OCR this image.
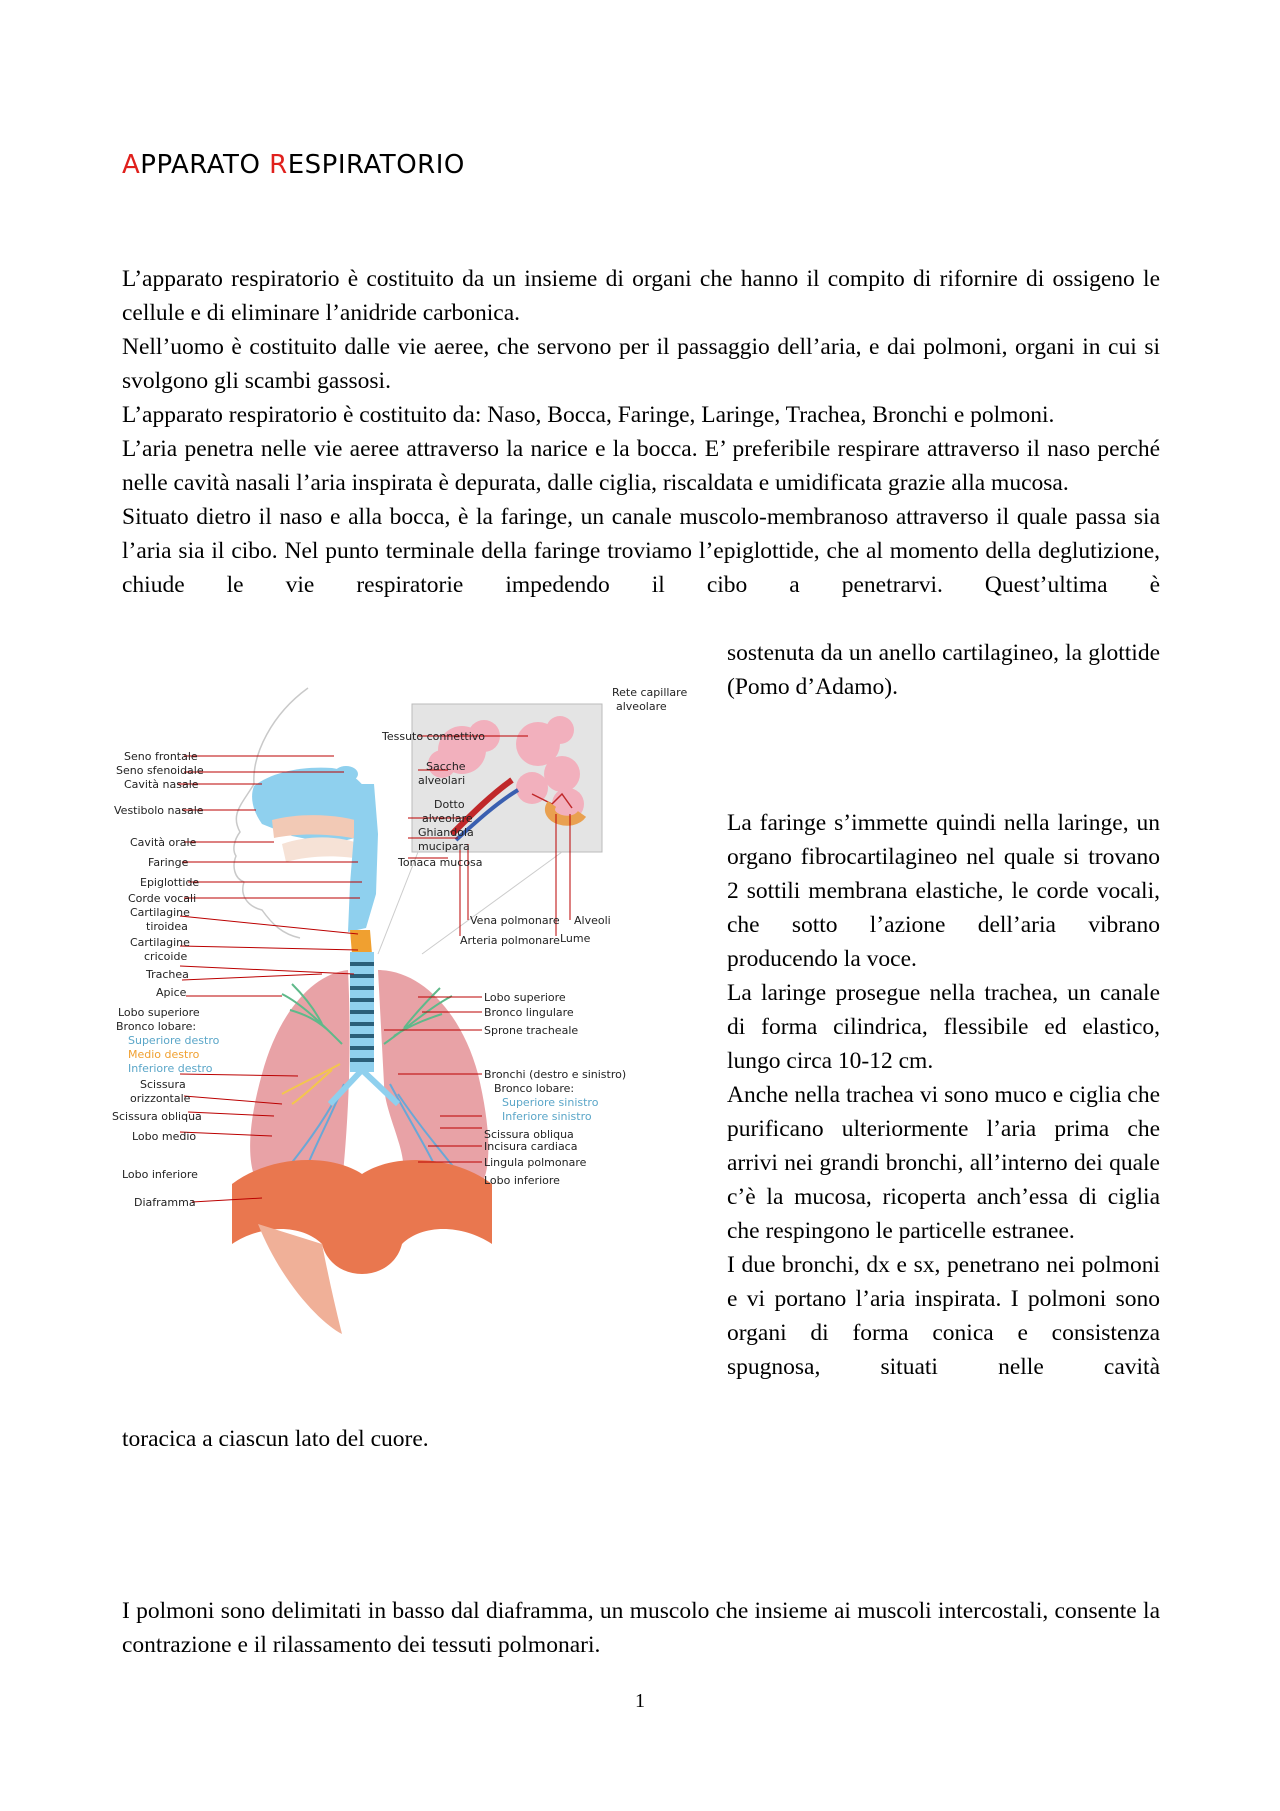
APPARATO RESPIRATORIO

L’apparato respiratorio è costituito da un insieme di organi che hanno il compito di rifornire di ossigeno le cellule e di eliminare l’anidride carbonica.

Nell’uomo è costituito dalle vie aeree, che servono per il passaggio dell’aria, e dai polmoni, organi in cui si svolgono gli scambi gassosi.

L’apparato respiratorio è costituito da: Naso, Bocca, Faringe, Laringe, Trachea, Bronchi e polmoni.

L’aria penetra nelle vie aeree attraverso la narice e la bocca. E’ preferibile respirare attraverso il naso perché nelle cavità nasali l’aria inspirata è depurata, dalle ciglia, riscaldata e umidificata grazie alla mucosa.

Situato dietro il naso e alla bocca, è la faringe, un canale muscolo-membranoso attraverso il quale passa sia l’aria sia il cibo. Nel punto terminale della faringe troviamo l’epiglottide, che al momento della deglutizione, chiude le vie respiratorie impedendo il cibo a penetrarvi. Quest’ultima è

sostenuta da un anello cartilagineo, la glottide (Pomo d’Adamo).

La faringe s’immette quindi nella laringe, un organo fibrocartilagineo nel quale si trovano 2 sottili membrana elastiche, le corde vocali, che sotto l’azione dell’aria vibrano producendo la voce.

La laringe prosegue nella trachea, un canale di forma cilindrica, flessibile ed elastico, lungo circa 10-12 cm.

Anche nella trachea vi sono muco e ciglia che purificano ulteriormente l’aria prima che arrivi nei grandi bronchi, all’interno dei quale c’è la mucosa, ricoperta anch’essa di ciglia che respingono le particelle estranee.

I due bronchi, dx e sx, penetrano nei polmoni e vi portano l’aria inspirata. I polmoni sono organi di forma conica e consistenza spugnosa, situati nelle cavità

toracica a ciascun lato del cuore.

I polmoni sono delimitati in basso dal diaframma, un muscolo che insieme ai muscoli intercostali, consente la contrazione e il rilassamento dei tessuti polmonari.

Seno frontale
Seno sfenoidale
Cavità nasale
Vestibolo nasale
Cavità orale
Faringe
Epiglottide
Corde vocali
Cartilagine
tiroidea
Cartilagine
cricoide
Trachea
Apice
Lobo superiore
Bronco lobare:
Superiore destro
Medio destro
Inferiore destro
Scissura
orizzontale
Scissura obliqua
Lobo medio
Lobo inferiore
Diaframma
Rete capillare
alveolare
Tessuto connettivo
Sacche
alveolari
Dotto
alveolare
Ghiandola
mucipara
Tonaca mucosa
Vena polmonare
Arteria polmonare
Alveoli
Lume
Lobo superiore
Bronco lingulare
Sprone tracheale
Bronchi (destro e sinistro)
Bronco lobare:
Superiore sinistro
Inferiore sinistro
Scissura obliqua
Incisura cardiaca
Lingula polmonare
Lobo inferiore

1
